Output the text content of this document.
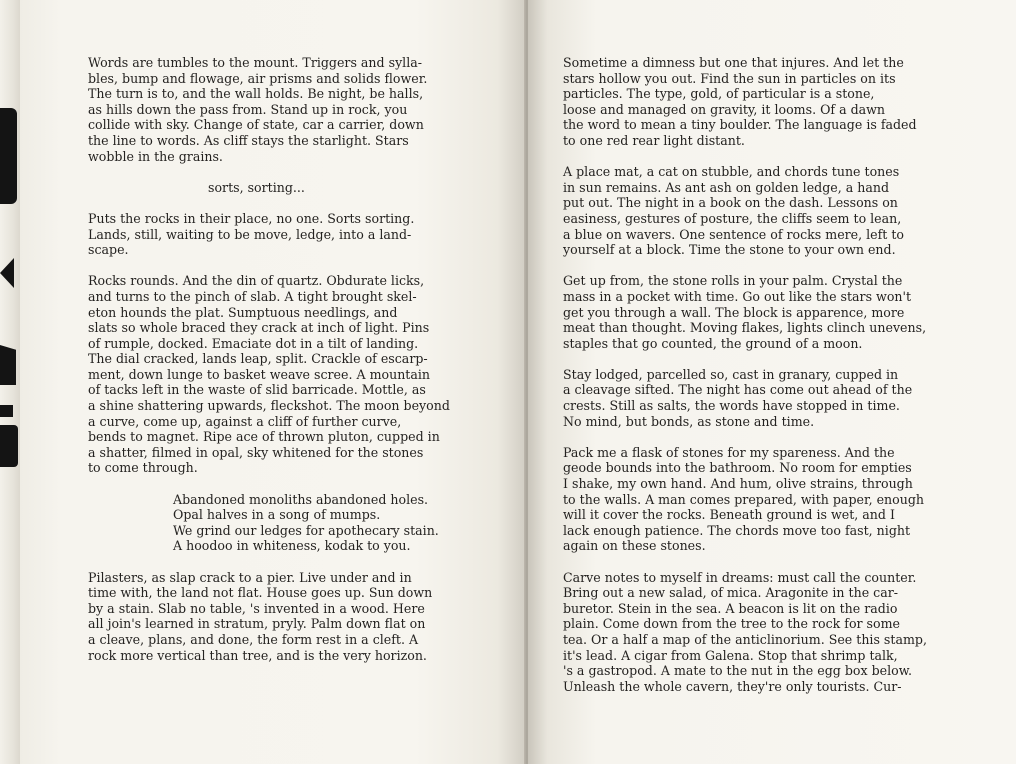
Words are tumbles to the mount. Triggers and sylla-
bles, bump and flowage, air prisms and solids flower.
The turn is to, and the wall holds. Be night, be halls,
as hills down the pass from. Stand up in rock, you
collide with sky. Change of state, car a carrier, down
the line to words. As cliff stays the starlight. Stars
wobble in the grains.
sorts, sorting...
Puts the rocks in their place, no one. Sorts sorting.
Lands, still, waiting to be move, ledge, into a land-
scape.
Rocks rounds. And the din of quartz. Obdurate licks,
and turns to the pinch of slab. A tight brought skel-
eton hounds the plat. Sumptuous needlings, and
slats so whole braced they crack at inch of light. Pins
of rumple, docked. Emaciate dot in a tilt of landing.
The dial cracked, lands leap, split. Crackle of escarp-
ment, down lunge to basket weave scree. A mountain
of tacks left in the waste of slid barricade. Mottle, as
a shine shattering upwards, fleckshot. The moon beyond
a curve, come up, against a cliff of further curve,
bends to magnet. Ripe ace of thrown pluton, cupped in
a shatter, filmed in opal, sky whitened for the stones
to come through.
Abandoned monoliths abandoned holes.
Opal halves in a song of mumps.
We grind our ledges for apothecary stain.
A hoodoo in whiteness, kodak to you.
Pilasters, as slap crack to a pier. Live under and in
time with, the land not flat. House goes up. Sun down
by a stain. Slab no table, 's invented in a wood. Here
all join's learned in stratum, pryly. Palm down flat on
a cleave, plans, and done, the form rest in a cleft. A
rock more vertical than tree, and is the very horizon.
Sometime a dimness but one that injures. And let the
stars hollow you out. Find the sun in particles on its
particles. The type, gold, of particular is a stone,
loose and managed on gravity, it looms. Of a dawn
the word to mean a tiny boulder. The language is faded
to one red rear light distant.
A place mat, a cat on stubble, and chords tune tones
in sun remains. As ant ash on golden ledge, a hand
put out. The night in a book on the dash. Lessons on
easiness, gestures of posture, the cliffs seem to lean,
a blue on wavers. One sentence of rocks mere, left to
yourself at a block. Time the stone to your own end.
Get up from, the stone rolls in your palm. Crystal the
mass in a pocket with time. Go out like the stars won't
get you through a wall. The block is apparence, more
meat than thought. Moving flakes, lights clinch unevens,
staples that go counted, the ground of a moon.
Stay lodged, parcelled so, cast in granary, cupped in
a cleavage sifted. The night has come out ahead of the
crests. Still as salts, the words have stopped in time.
No mind, but bonds, as stone and time.
Pack me a flask of stones for my spareness. And the
geode bounds into the bathroom. No room for empties
I shake, my own hand. And hum, olive strains, through
to the walls. A man comes prepared, with paper, enough
will it cover the rocks. Beneath ground is wet, and I
lack enough patience. The chords move too fast, night
again on these stones.
Carve notes to myself in dreams: must call the counter.
Bring out a new salad, of mica. Aragonite in the car-
buretor. Stein in the sea. A beacon is lit on the radio
plain. Come down from the tree to the rock for some
tea. Or a half a map of the anticlinorium. See this stamp,
it's lead. A cigar from Galena. Stop that shrimp talk,
's a gastropod. A mate to the nut in the egg box below.
Unleash the whole cavern, they're only tourists. Cur-
